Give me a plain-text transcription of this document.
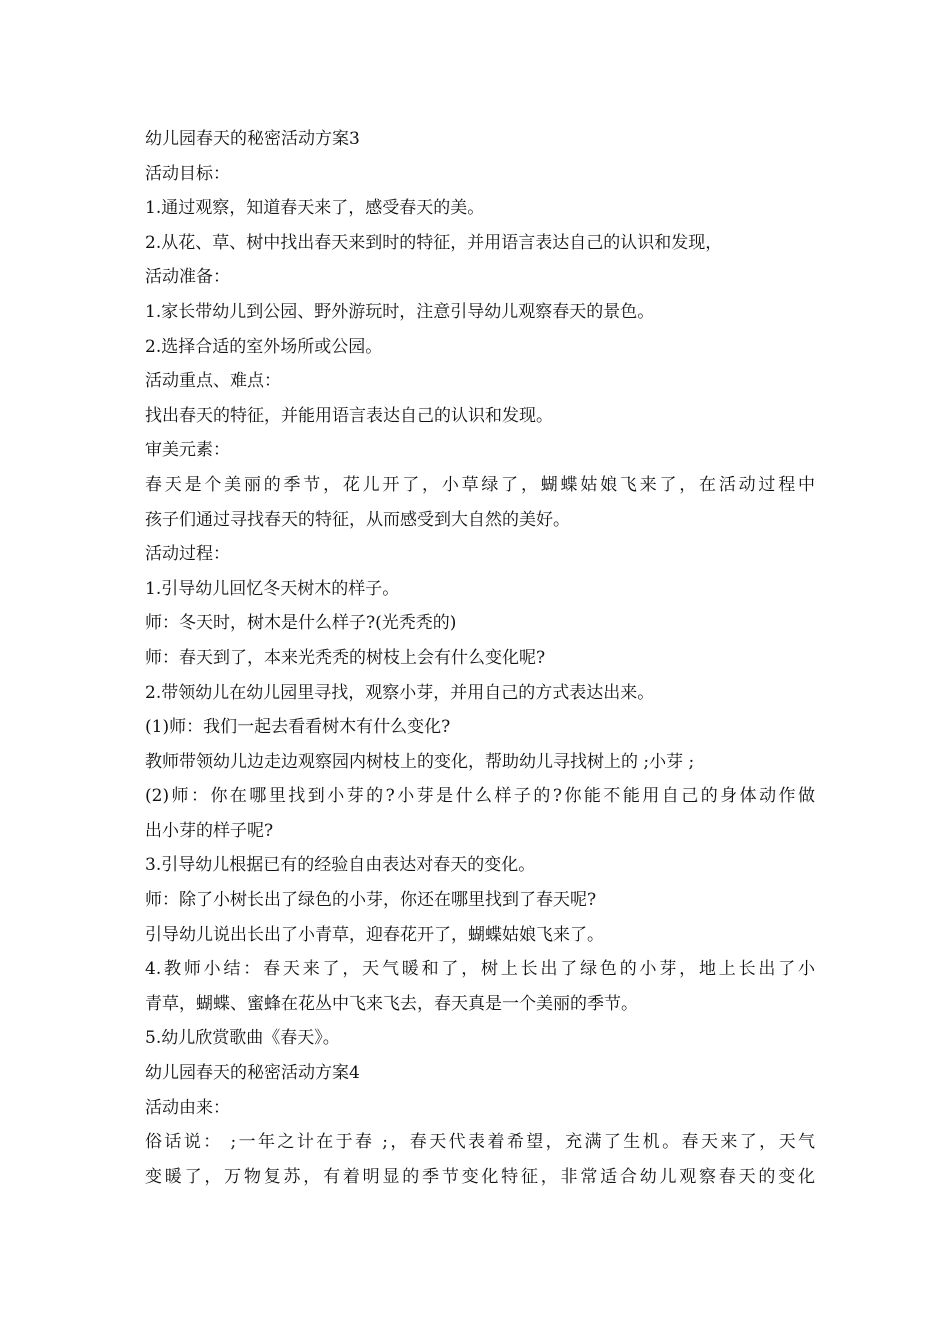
幼儿园春天的秘密活动方案3
活动目标：
1.通过观察，知道春天来了，感受春天的美。
2.从花、草、树中找出春天来到时的特征，并用语言表达自己的认识和发现，
活动准备：
1.家长带幼儿到公园、野外游玩时，注意引导幼儿观察春天的景色。
2.选择合适的室外场所或公园。
活动重点、难点：
找出春天的特征，并能用语言表达自己的认识和发现。
审美元素：
春天是个美丽的季节，花儿开了，小草绿了，蝴蝶姑娘飞来了，在活动过程中
孩子们通过寻找春天的特征，从而感受到大自然的美好。
活动过程：
1.引导幼儿回忆冬天树木的样子。
师：冬天时，树木是什么样子?(光秃秃的)
师：春天到了，本来光秃秃的树枝上会有什么变化呢?
2.带领幼儿在幼儿园里寻找，观察小芽，并用自己的方式表达出来。
(1)师：我们一起去看看树木有什么变化?
教师带领幼儿边走边观察园内树枝上的变化，帮助幼儿寻找树上的 ;小芽 ;
(2)师：你在哪里找到小芽的?小芽是什么样子的?你能不能用自己的身体动作做
出小芽的样子呢?
3.引导幼儿根据已有的经验自由表达对春天的变化。
师：除了小树长出了绿色的小芽，你还在哪里找到了春天呢?
引导幼儿说出长出了小青草，迎春花开了，蝴蝶姑娘飞来了。
4.教师小结：春天来了，天气暖和了，树上长出了绿色的小芽，地上长出了小
青草，蝴蝶、蜜蜂在花丛中飞来飞去，春天真是一个美丽的季节。
5.幼儿欣赏歌曲《春天》。
幼儿园春天的秘密活动方案4
活动由来：
俗话说： ;一年之计在于春 ;，春天代表着希望，充满了生机。春天来了，天气
变暖了，万物复苏，有着明显的季节变化特征，非常适合幼儿观察春天的变化
